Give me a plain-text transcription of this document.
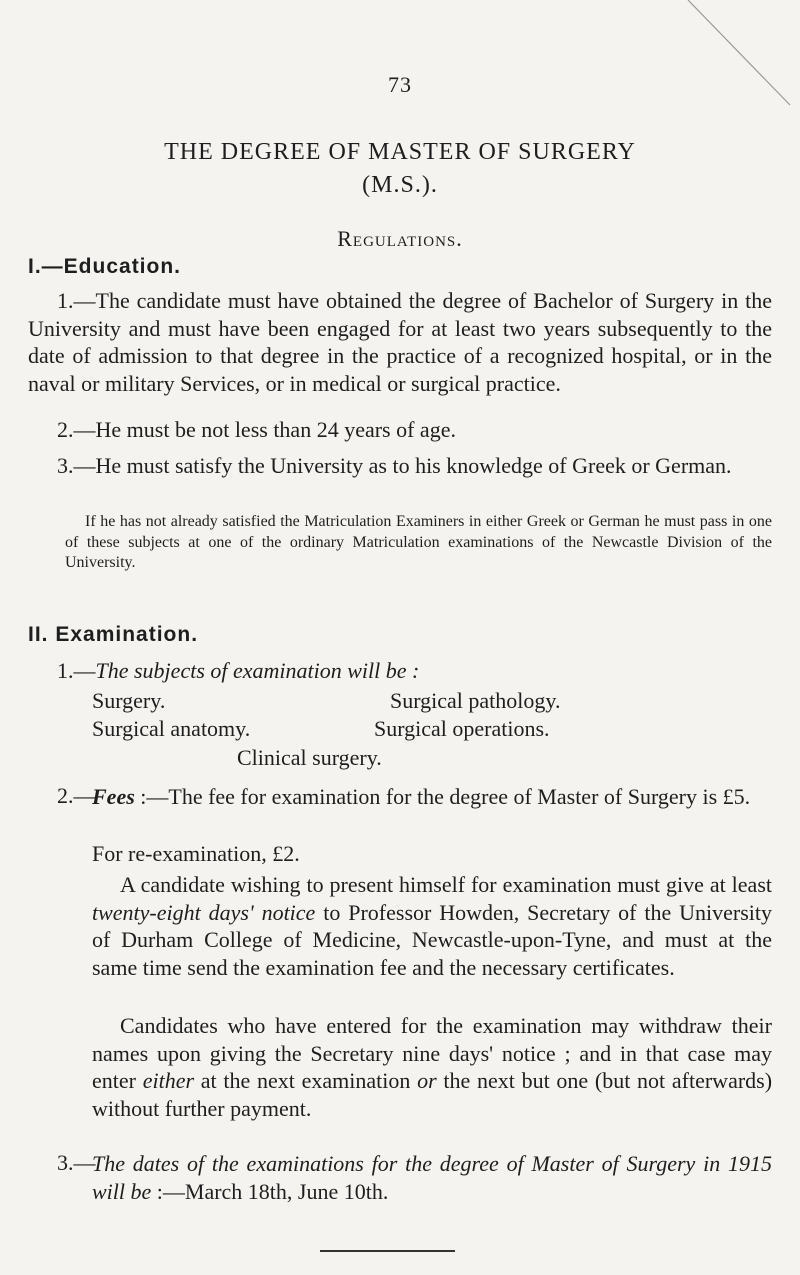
73
THE DEGREE OF MASTER OF SURGERY
(M.S.).
Regulations.
I.—Education.

1.—The candidate must have obtained the degree of Bachelor of Surgery in the University and must have been engaged for at least two years subsequently to the date of admission to that degree in the practice of a recognized hospital, or in the naval or military Services, or in medical or surgical practice.

2.—He must be not less than 24 years of age.

3.—He must satisfy the University as to his knowledge of Greek or German.

If he has not already satisfied the Matriculation Examiners in either Greek or German he must pass in one of these subjects at one of the ordinary Matriculation examinations of the Newcastle Division of the University.

II. Examination.
1.—The subjects of examination will be :
Surgery.	Surgical pathology.
Surgical anatomy.	Surgical operations.
Clinical surgery.
2.—

Fees :—The fee for examination for the degree of Master of Surgery is £5.

For re-examination, £2.

A candidate wishing to present himself for examination must give at least twenty-eight days' notice to Professor Howden, Secretary of the University of Durham College of Medicine, Newcastle-upon-Tyne, and must at the same time send the examination fee and the necessary certificates.

Candidates who have entered for the examination may withdraw their names upon giving the Secretary nine days' notice ; and in that case may enter either at the next examination or the next but one (but not afterwards) without further payment.

3.—

The dates of the examinations for the degree of Master of Surgery in 1915 will be :—March 18th, June 10th.
